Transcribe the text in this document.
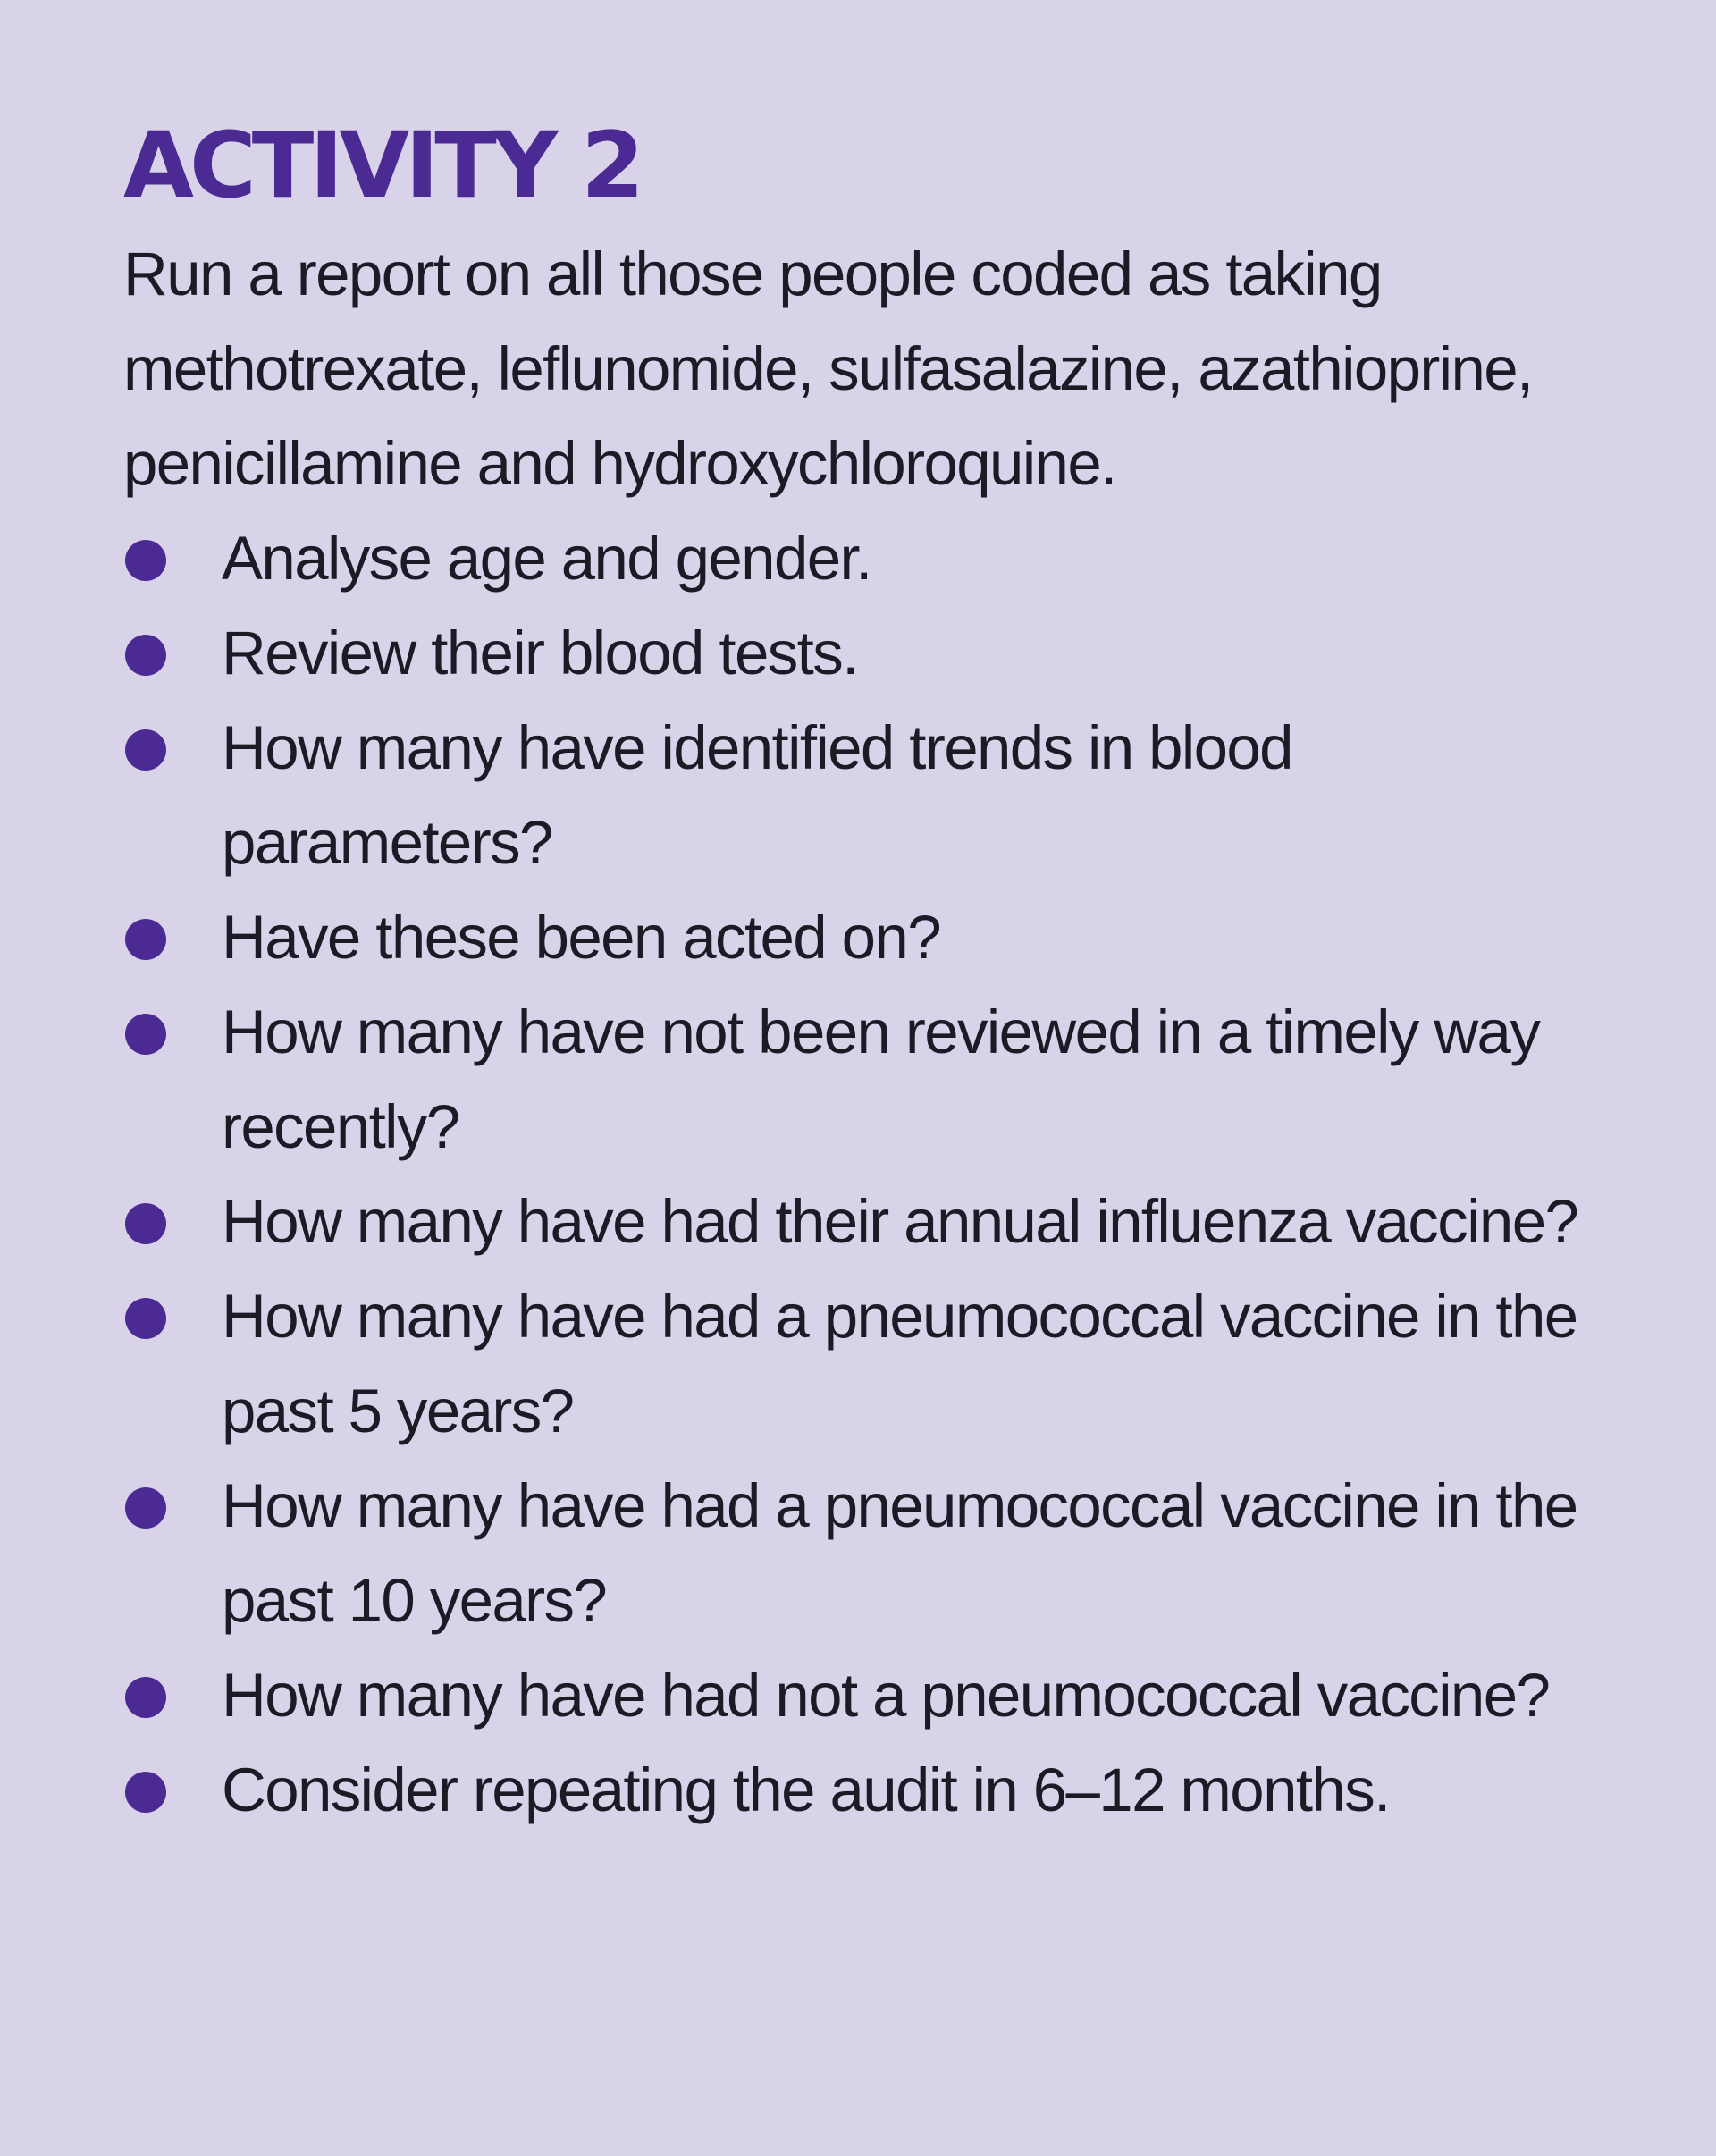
ACTIVITY 2

Run a report on all those people coded as taking methotrexate, leflunomide, sulfasalazine, azathioprine, penicillamine and hydroxychloroquine.

Analyse age and gender.
Review their blood tests.
How many have identified trends in blood parameters?
Have these been acted on?
How many have not been reviewed in a timely way recently?
How many have had their annual influenza vaccine?
How many have had a pneumococcal vaccine in the past 5 years?
How many have had a pneumococcal vaccine in the past 10 years?
How many have had not a pneumococcal vaccine?
Consider repeating the audit in 6–12 months.
